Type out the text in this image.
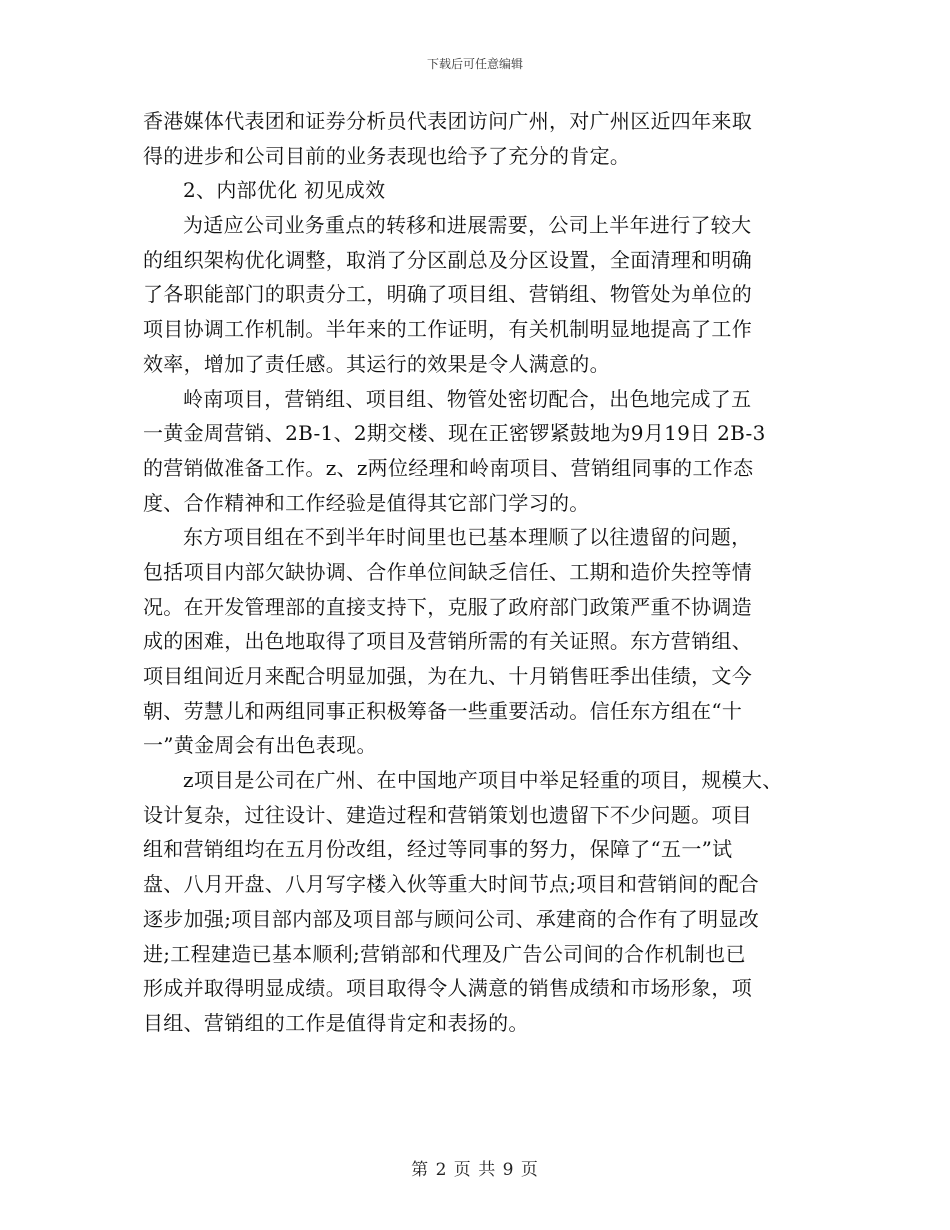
下载后可任意编辑
香港媒体代表团和证券分析员代表团访问广州，对广州区近四年来取
得的进步和公司目前的业务表现也给予了充分的肯定。
2、内部优化 初见成效
为适应公司业务重点的转移和进展需要，公司上半年进行了较大
的组织架构优化调整，取消了分区副总及分区设置，全面清理和明确
了各职能部门的职责分工，明确了项目组、营销组、物管处为单位的
项目协调工作机制。半年来的工作证明，有关机制明显地提高了工作
效率，增加了责任感。其运行的效果是令人满意的。
岭南项目，营销组、项目组、物管处密切配合，出色地完成了五
一黄金周营销、2B-1、2期交楼、现在正密锣紧鼓地为9月19日 2B-3
的营销做准备工作。z、z两位经理和岭南项目、营销组同事的工作态
度、合作精神和工作经验是值得其它部门学习的。
东方项目组在不到半年时间里也已基本理顺了以往遗留的问题，
包括项目内部欠缺协调、合作单位间缺乏信任、工期和造价失控等情
况。在开发管理部的直接支持下，克服了政府部门政策严重不协调造
成的困难，出色地取得了项目及营销所需的有关证照。东方营销组、
项目组间近月来配合明显加强，为在九、十月销售旺季出佳绩，文今
朝、劳慧儿和两组同事正积极筹备一些重要活动。信任东方组在“十
一”黄金周会有出色表现。
z项目是公司在广州、在中国地产项目中举足轻重的项目，规模大、
设计复杂，过往设计、建造过程和营销策划也遗留下不少问题。项目
组和营销组均在五月份改组，经过等同事的努力，保障了“五一”试
盘、八月开盘、八月写字楼入伙等重大时间节点;项目和营销间的配合
逐步加强;项目部内部及项目部与顾问公司、承建商的合作有了明显改
进;工程建造已基本顺利;营销部和代理及广告公司间的合作机制也已
形成并取得明显成绩。项目取得令人满意的销售成绩和市场形象，项
目组、营销组的工作是值得肯定和表扬的。
第 2 页 共 9 页
